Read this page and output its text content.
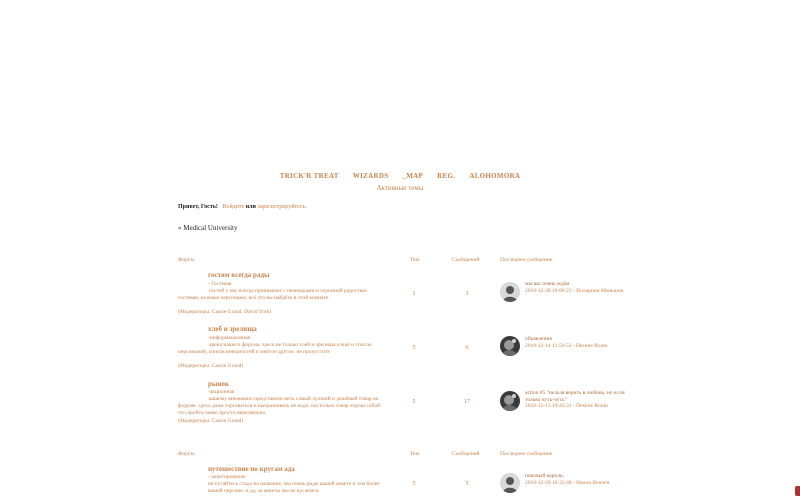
TRICK'R TREAT WIZARDS _MAP REG. ALOHOMORA
Активные темы
Привет, Гость! Войдите или зарегистрируйтесь.
» Medical University
Форум	Тем	Сообщений	Последнее сообщение
гостям всегда рады
- Гостевая
гостей у нас всегда принимают с печеньками и огромной радостью: гостевая, нужные персонажи, всё это вы найдёте в этой комнате.
(Модераторы: Cassie Grand, David York)
1	3
мы вас очень ждём
2010-12-28 10:00:23 - Илларион Меньшов
хлеб и зрелища
-информационная
арена нашего форума. здесь не только хлеб и зрелища а ещё и список персонажей, список внешностей и многое другое. не пропустите
(Модераторы: Cassie Grand)
5	6
объявления
2010-12-14 11:50:52 - Desiree Roum
рынок
-акционная
вашему вниманию представлен весь самый лучший и дешёвый товар на форуме. здесь даже торговаться и выпрашивать не надо, настолько товар хорош собой что пройти мимо просто невозможно.
(Модераторы: Cassie Grand)
5	17
action #5 "нельзя верить в любовь, ну если только чуть-чуть"
2010-12-13 19:45:31 - Desiree Roum
Форум	Тем	Сообщений	Последнее сообщение
путешествие по кругам ада
- анкетирование
не пугайтесь стада на название, мы очень рады вашей анкете и тем более вашей персоне. и да, за анкеты мы не кусаемся.
5	5
пиковый король;
2010-12-20 18:35:48 - Mason Bennett
